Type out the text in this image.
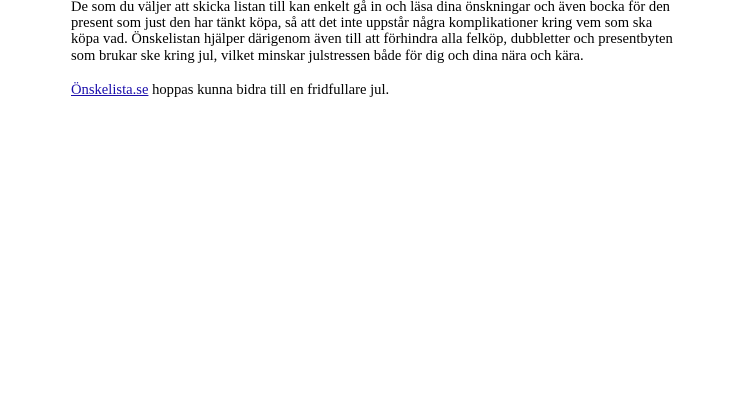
De som du väljer att skicka listan till kan enkelt gå in och läsa dina önskningar och även bocka för den present som just den har tänkt köpa, så att det inte uppstår några komplikationer kring vem som ska köpa vad. Önskelistan hjälper därigenom även till att förhindra alla felköp, dubbletter och presentbyten som brukar ske kring jul, vilket minskar julstressen både för dig och dina nära och kära.

Önskelista.se hoppas kunna bidra till en fridfullare jul.
